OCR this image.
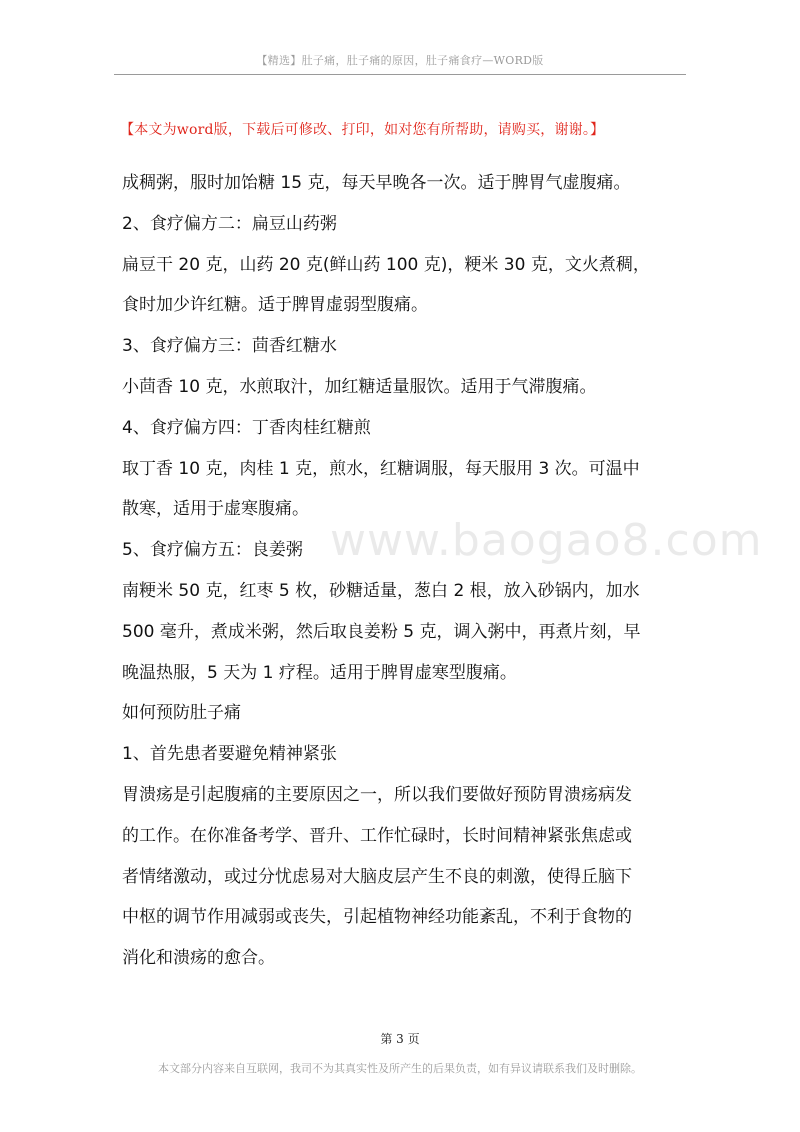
【精选】肚子痛，肚子痛的原因，肚子痛食疗—WORD版
【本文为word版，下载后可修改、打印，如对您有所帮助，请购买，谢谢。】
成稠粥，服时加饴糖 15 克，每天早晚各一次。适于脾胃气虚腹痛。
2、食疗偏方二：扁豆山药粥
扁豆干 20 克，山药 20 克(鲜山药 100 克)，粳米 30 克，文火煮稠，
食时加少许红糖。适于脾胃虚弱型腹痛。
3、食疗偏方三：茴香红糖水
小茴香 10 克，水煎取汁，加红糖适量服饮。适用于气滞腹痛。
4、食疗偏方四：丁香肉桂红糖煎
取丁香 10 克，肉桂 1 克，煎水，红糖调服，每天服用 3 次。可温中
散寒，适用于虚寒腹痛。
5、食疗偏方五：良姜粥
南粳米 50 克，红枣 5 枚，砂糖适量，葱白 2 根，放入砂锅内，加水
500 毫升，煮成米粥，然后取良姜粉 5 克，调入粥中，再煮片刻，早
晚温热服，5 天为 1 疗程。适用于脾胃虚寒型腹痛。
如何预防肚子痛
1、首先患者要避免精神紧张
胃溃疡是引起腹痛的主要原因之一，所以我们要做好预防胃溃疡病发
的工作。在你准备考学、晋升、工作忙碌时，长时间精神紧张焦虑或
者情绪激动，或过分忧虑易对大脑皮层产生不良的刺激，使得丘脑下
中枢的调节作用减弱或丧失，引起植物神经功能紊乱，不利于食物的
消化和溃疡的愈合。
www.baogao8.com
第 3 页
本文部分内容来自互联网，我司不为其真实性及所产生的后果负责，如有异议请联系我们及时删除。
